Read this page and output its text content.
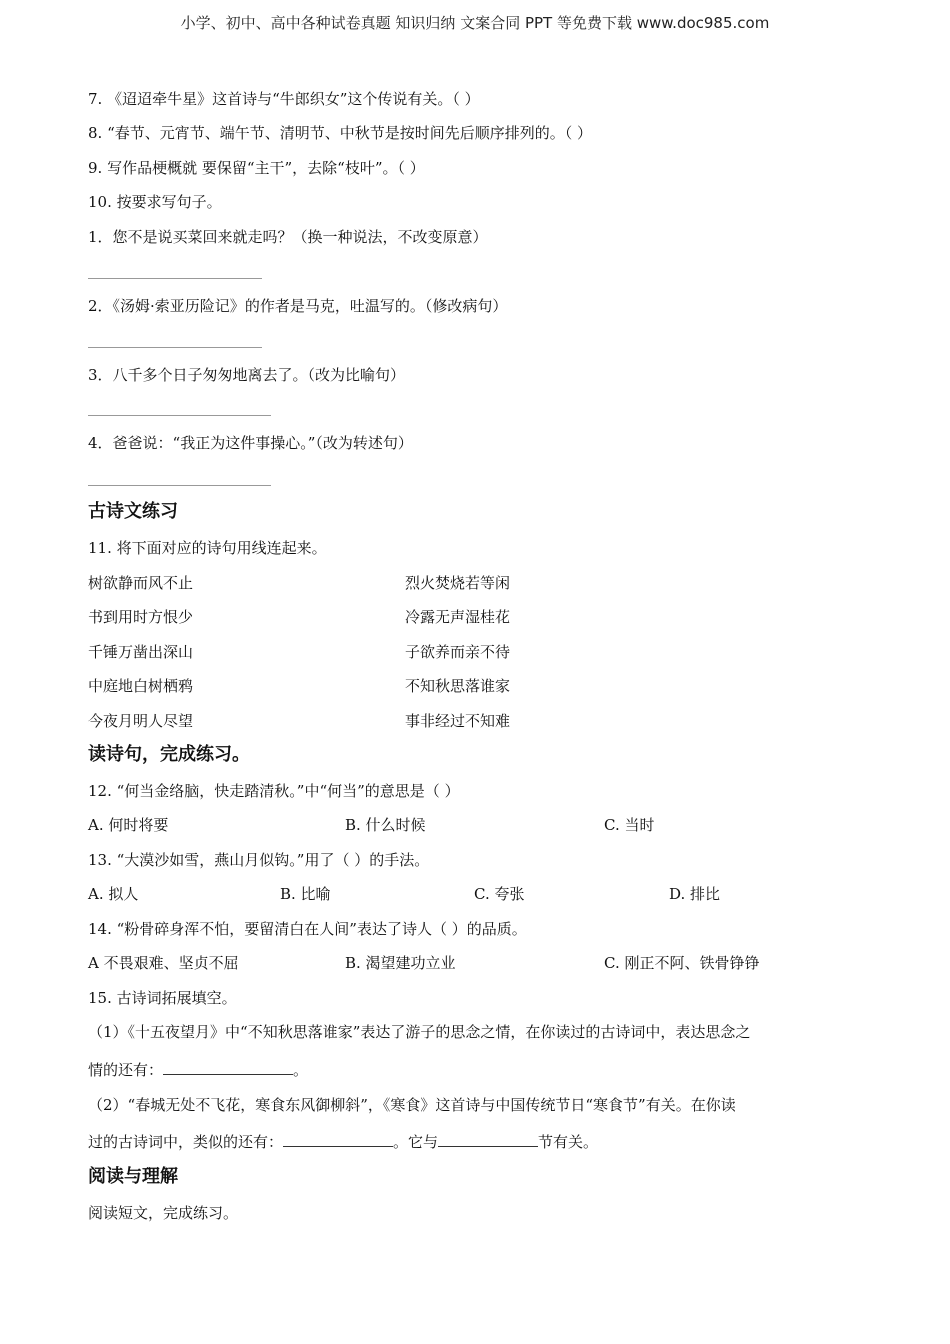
小学、初中、高中各种试卷真题 知识归纳 文案合同 PPT 等免费下载 www.doc985.com
7. 《迢迢牵牛星》这首诗与“牛郎织女”这个传说有关。（ ）
8. “春节、元宵节、端午节、清明节、中秋节是按时间先后顺序排列的。（ ）
9. 写作品梗概就 要保留“主干”，去除“枝叶”。（ ）
10. 按要求写句子。
1．您不是说买菜回来就走吗？（换一种说法，不改变原意）
2．《汤姆·索亚历险记》的作者是马克，吐温写的。（修改病句）
3．八千多个日子匆匆地离去了。（改为比喻句）
4．爸爸说：“我正为这件事操心。”（改为转述句）
古诗文练习
11. 将下面对应的诗句用线连起来。
树欲静而风不止	烈火焚烧若等闲
书到用时方恨少	冷露无声湿桂花
千锤万凿出深山	子欲养而亲不待
中庭地白树栖鸦	不知秋思落谁家
今夜月明人尽望	事非经过不知难
读诗句，完成练习。
12. “何当金络脑，快走踏清秋。”中“何当”的意思是（ ）
A. 何时将要	B. 什么时候	C. 当时
13. “大漠沙如雪，燕山月似钩。”用了（ ）的手法。
A. 拟人	B. 比喻	C. 夸张	D. 排比
14. “粉骨碎身浑不怕，要留清白在人间”表达了诗人（ ）的品质。
A 不畏艰难、坚贞不屈	B. 渴望建功立业	C. 刚正不阿、铁骨铮铮
15. 古诗词拓展填空。
（1）《十五夜望月》中“不知秋思落谁家”表达了游子的思念之情，在你读过的古诗词中，表达思念之
情的还有：	。
（2）“春城无处不飞花，寒食东风御柳斜”，《寒食》这首诗与中国传统节日“寒食节”有关。在你读
过的古诗词中，类似的还有：	。它与	节有关。
阅读与理解
阅读短文，完成练习。
